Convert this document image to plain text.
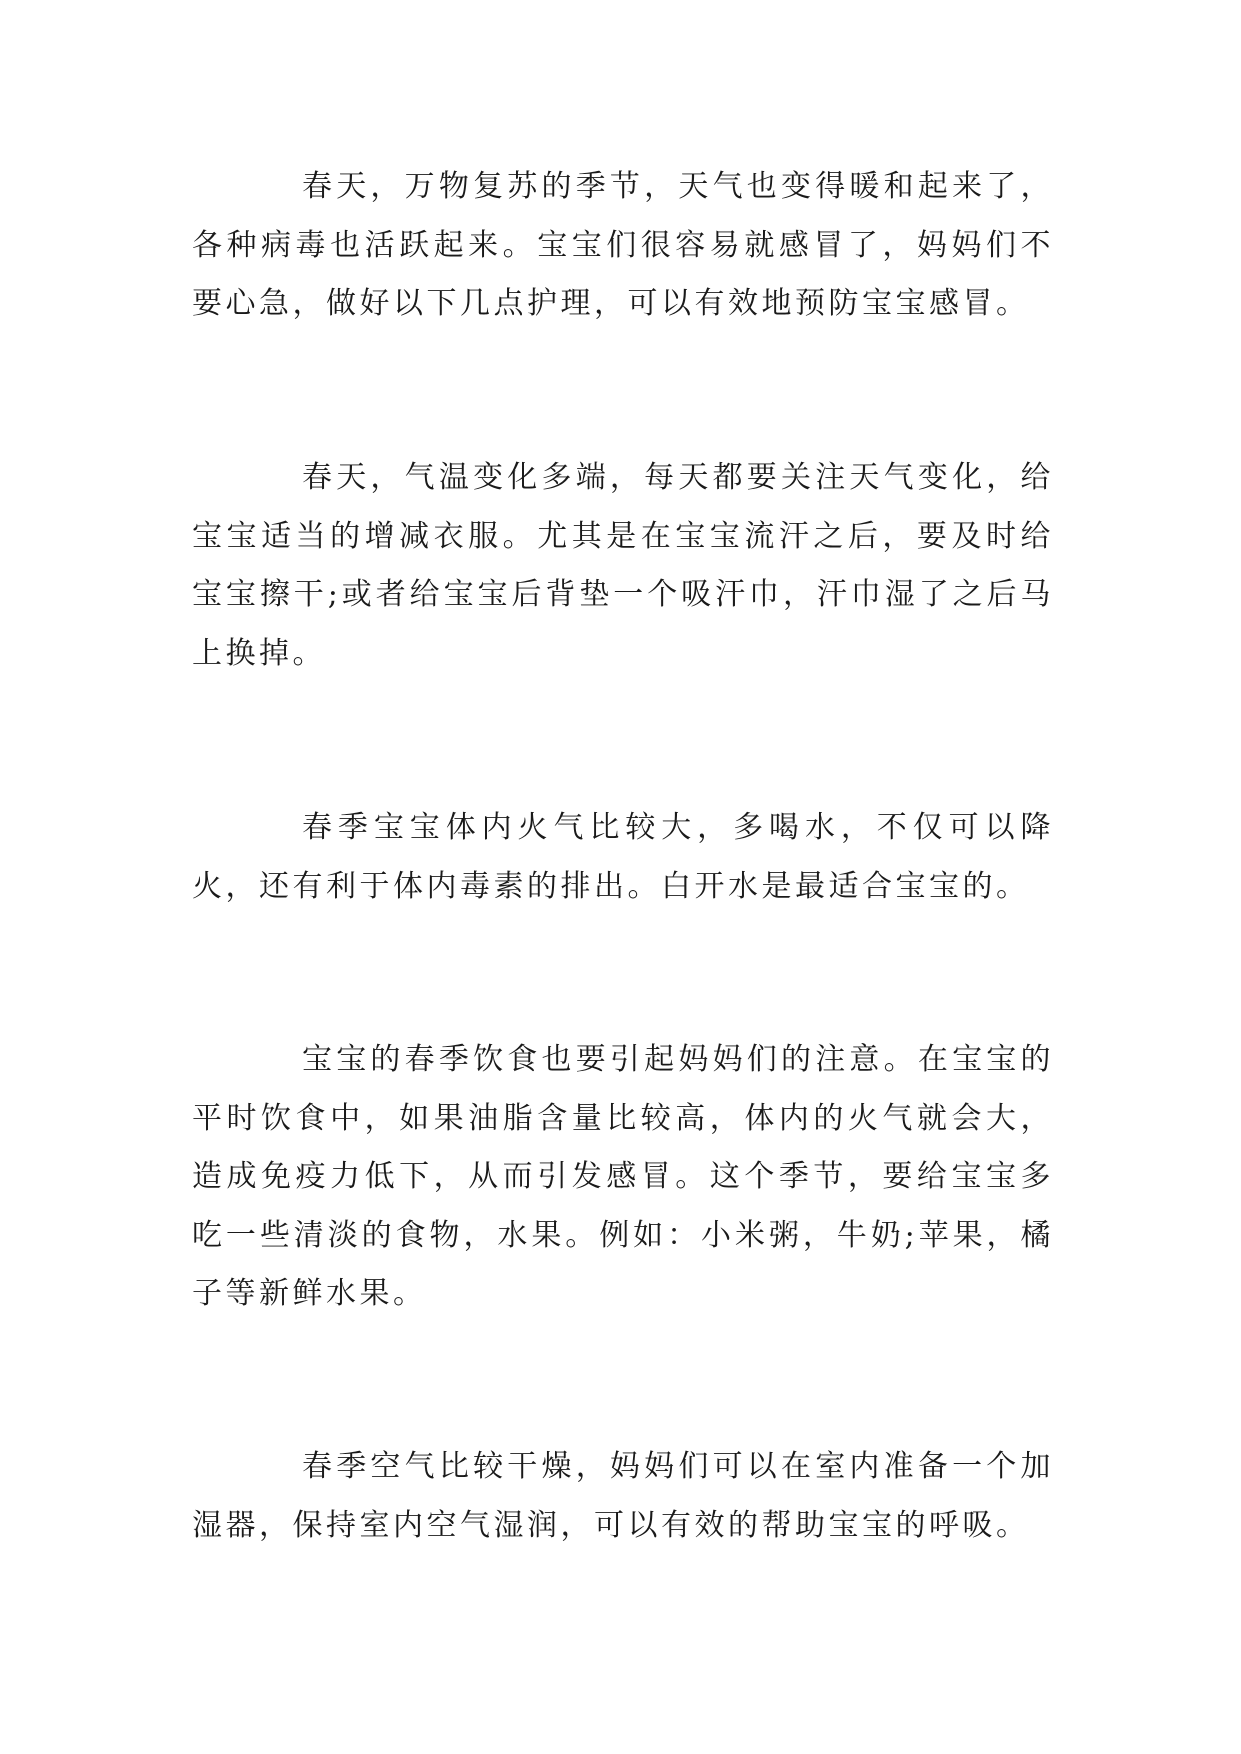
春天，万物复苏的季节，天气也变得暖和起来了，各种病毒也活跃起来。宝宝们很容易就感冒了，妈妈们不要心急，做好以下几点护理，可以有效地预防宝宝感冒。

春天，气温变化多端，每天都要关注天气变化，给宝宝适当的增减衣服。尤其是在宝宝流汗之后，要及时给宝宝擦干;或者给宝宝后背垫一个吸汗巾，汗巾湿了之后马上换掉。

春季宝宝体内火气比较大，多喝水，不仅可以降火，还有利于体内毒素的排出。白开水是最适合宝宝的。

宝宝的春季饮食也要引起妈妈们的注意。在宝宝的平时饮食中，如果油脂含量比较高，体内的火气就会大，造成免疫力低下，从而引发感冒。这个季节，要给宝宝多吃一些清淡的食物，水果。例如：小米粥，牛奶;苹果，橘子等新鲜水果。

春季空气比较干燥，妈妈们可以在室内准备一个加湿器，保持室内空气湿润，可以有效的帮助宝宝的呼吸。
